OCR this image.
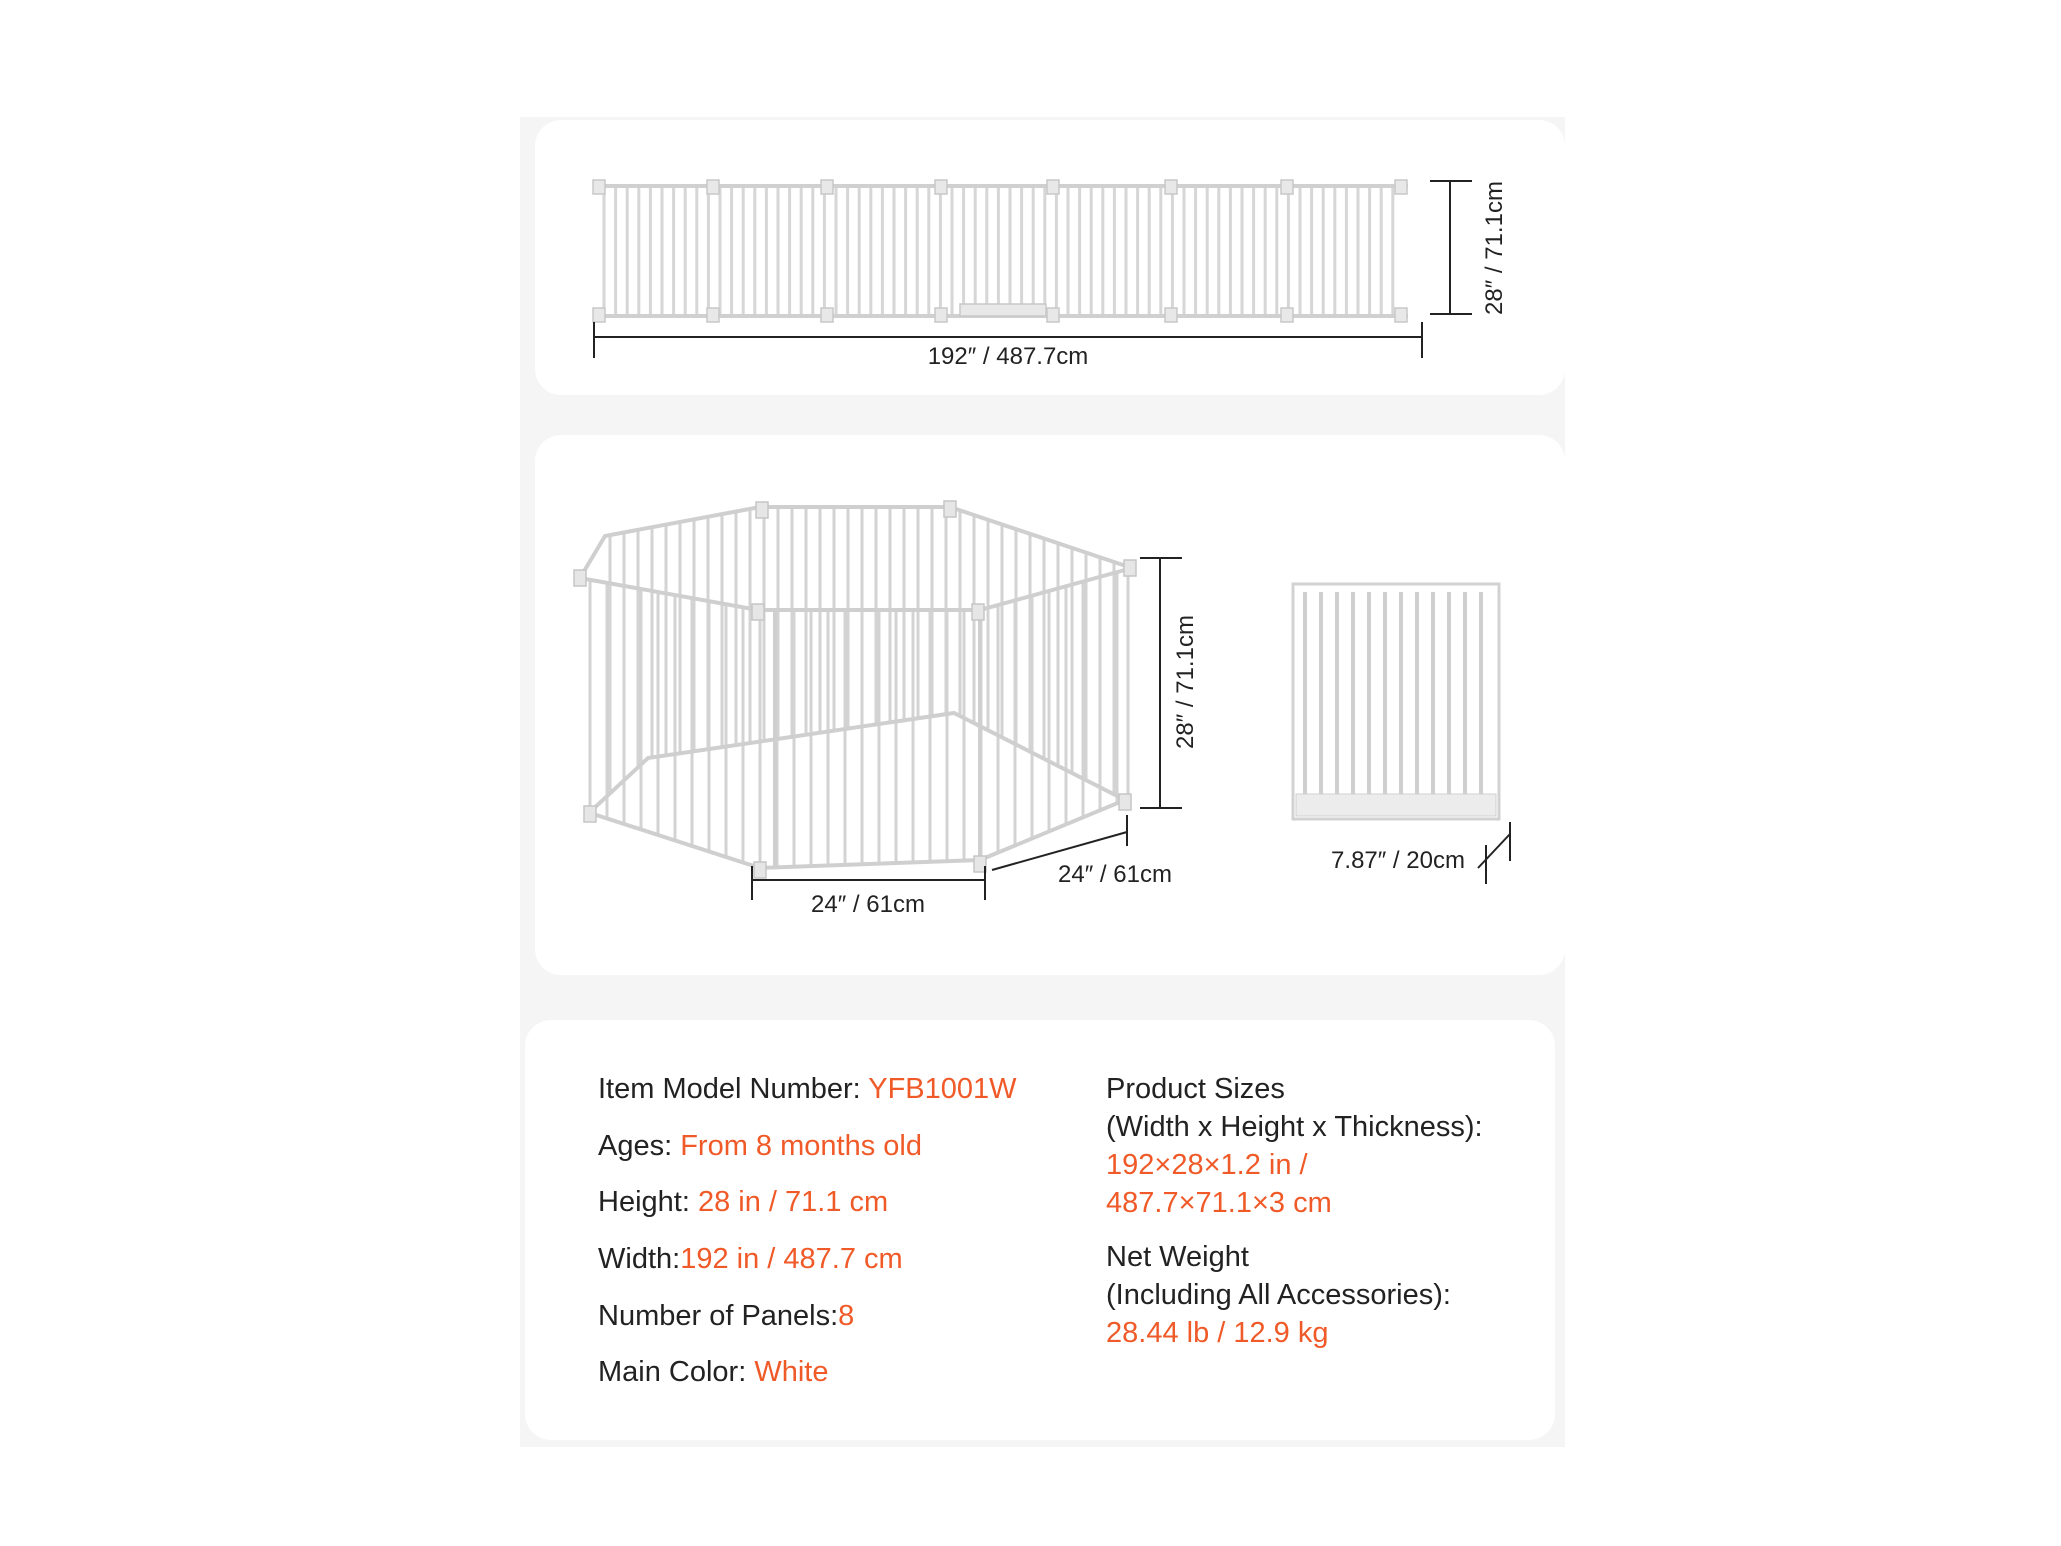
192″ / 487.7cm
28″ / 71.1cm
28″ / 71.1cm
24″ / 61cm
24″ / 61cm
7.87″ / 20cm
Item Model Number: YFB1001W
Ages: From 8 months old
Height: 28 in / 71.1 cm
Width:192 in / 487.7 cm
Number of Panels:8
Main Color: White
Product Sizes
(Width x Height x Thickness):
192×28×1.2 in /
487.7×71.1×3 cm
Net Weight
(Including All Accessories):
28.44 lb / 12.9 kg
